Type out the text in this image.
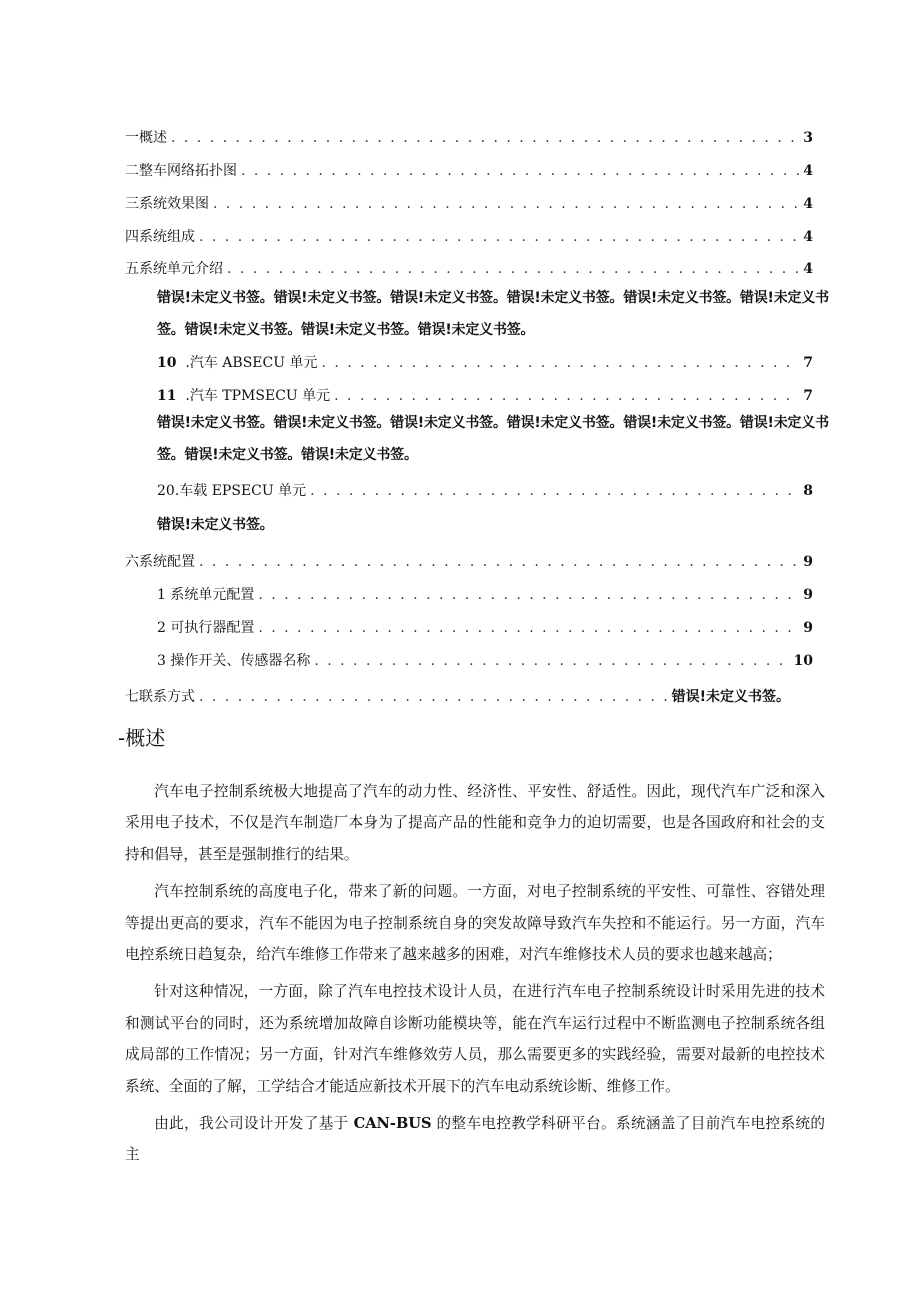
一概述 . . .	3
二整车网络拓扑图 . . .	4
三系统效果图 . . .	4
四系统组成 . . .	4
五系统单元介绍 . . .	4
错误!未定义书签。错误!未定义书签。错误!未定义书签。错误!未定义书签。错误!未定义书签。错误!未定义书签。错误!未定义书签。错误!未定义书签。错误!未定义书签。
10 .汽车 ABSECU 单元 . . .	7
11 .汽车 TPMSECU 单元 . . .	7
错误!未定义书签。错误!未定义书签。错误!未定义书签。错误!未定义书签。错误!未定义书签。错误!未定义书签。错误!未定义书签。错误!未定义书签。
20.车载 EPSECU 单元 . . .	8
错误!未定义书签。
六系统配置 . . .	9
1 系统单元配置 . . .	9
2 可执行器配置 . . .	9
3 操作开关、传感器名称 . . .	10
七联系方式 . . .	错误!未定义书签。
-概述

汽车电子控制系统极大地提高了汽车的动力性、经济性、平安性、舒适性。因此，现代汽车广泛和深入采用电子技术，不仅是汽车制造厂本身为了提高产品的性能和竞争力的迫切需要，也是各国政府和社会的支持和倡导，甚至是强制推行的结果。

汽车控制系统的高度电子化，带来了新的问题。一方面，对电子控制系统的平安性、可靠性、容错处理等提出更高的要求，汽车不能因为电子控制系统自身的突发故障导致汽车失控和不能运行。另一方面，汽车电控系统日趋复杂，给汽车维修工作带来了越来越多的困难，对汽车维修技术人员的要求也越来越高；

针对这种情况，一方面，除了汽车电控技术设计人员，在进行汽车电子控制系统设计时采用先进的技术和测试平台的同时，还为系统增加故障自诊断功能模块等，能在汽车运行过程中不断监测电子控制系统各组成局部的工作情况；另一方面，针对汽车维修效劳人员，那么需要更多的实践经验，需要对最新的电控技术系统、全面的了解，工学结合才能适应新技术开展下的汽车电动系统诊断、维修工作。

由此，我公司设计开发了基于 CAN-BUS 的整车电控教学科研平台。系统涵盖了目前汽车电控系统的主
